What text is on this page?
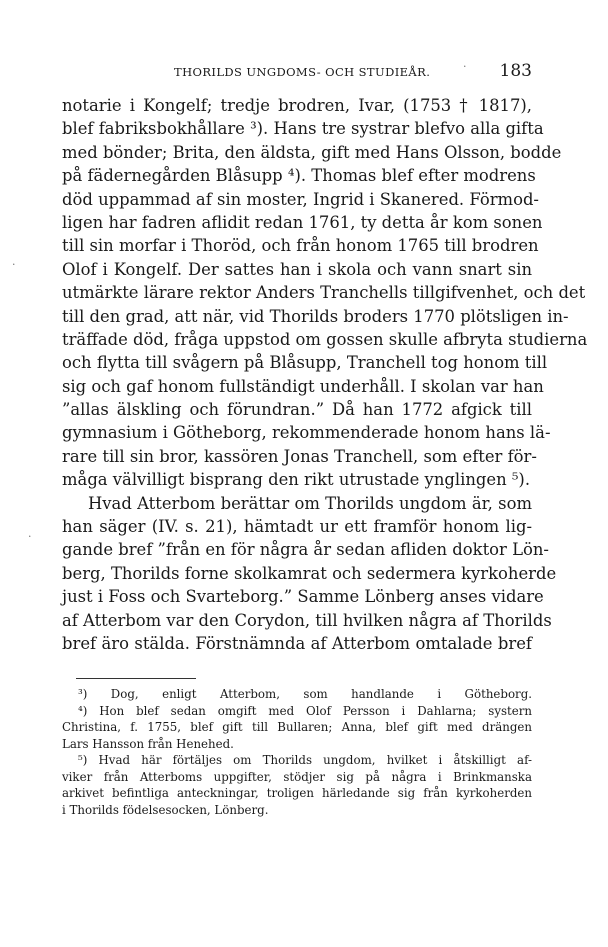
THORILDS UNGDOMS- OCH STUDIEÅR.	183
notarie i Kongelf; tredje brodren, Ivar, (1753 † 1817),
blef fabriksbokhållare ³). Hans tre systrar blefvo alla gifta
med bönder; Brita, den äldsta, gift med Hans Olsson, bodde
på fädernegården Blåsupp ⁴). Thomas blef efter modrens
död uppammad af sin moster, Ingrid i Skanered. Förmod-
ligen har fadren aflidit redan 1761, ty detta år kom sonen
till sin morfar i Thoröd, och från honom 1765 till brodren
Olof i Kongelf. Der sattes han i skola och vann snart sin
utmärkte lärare rektor Anders Tranchells tillgifvenhet, och det
till den grad, att när, vid Thorilds broders 1770 plötsligen in-
träffade död, fråga uppstod om gossen skulle afbryta studierna
och flytta till svågern på Blåsupp, Tranchell tog honom till
sig och gaf honom fullständigt underhåll. I skolan var han
”allas älskling och förundran.” Då han 1772 afgick till
gymnasium i Götheborg, rekommenderade honom hans lä-
rare till sin bror, kassören Jonas Tranchell, som efter för-
måga välvilligt bisprang den rikt utrustade ynglingen ⁵).
Hvad Atterbom berättar om Thorilds ungdom är, som
han säger (IV. s. 21), hämtadt ur ett framför honom lig-
gande bref ”från en för några år sedan afliden doktor Lön-
berg, Thorilds forne skolkamrat och sedermera kyrkoherde
just i Foss och Svarteborg.” Samme Lönberg anses vidare
af Atterbom var den Corydon, till hvilken några af Thorilds
bref äro stälda. Förstnämnda af Atterbom omtalade bref
³) Dog, enligt Atterbom, som handlande i Götheborg.
⁴) Hon blef sedan omgift med Olof Persson i Dahlarna; systern
Christina, f. 1755, blef gift till Bullaren; Anna, blef gift med drängen
Lars Hansson från Henehed.
⁵) Hvad här förtäljes om Thorilds ungdom, hvilket i åtskilligt af-
viker från Atterboms uppgifter, stödjer sig på några i Brinkmanska
arkivet befintliga anteckningar, troligen härledande sig från kyrkoherden
i Thorilds födelsesocken, Lönberg.
·
·
·
